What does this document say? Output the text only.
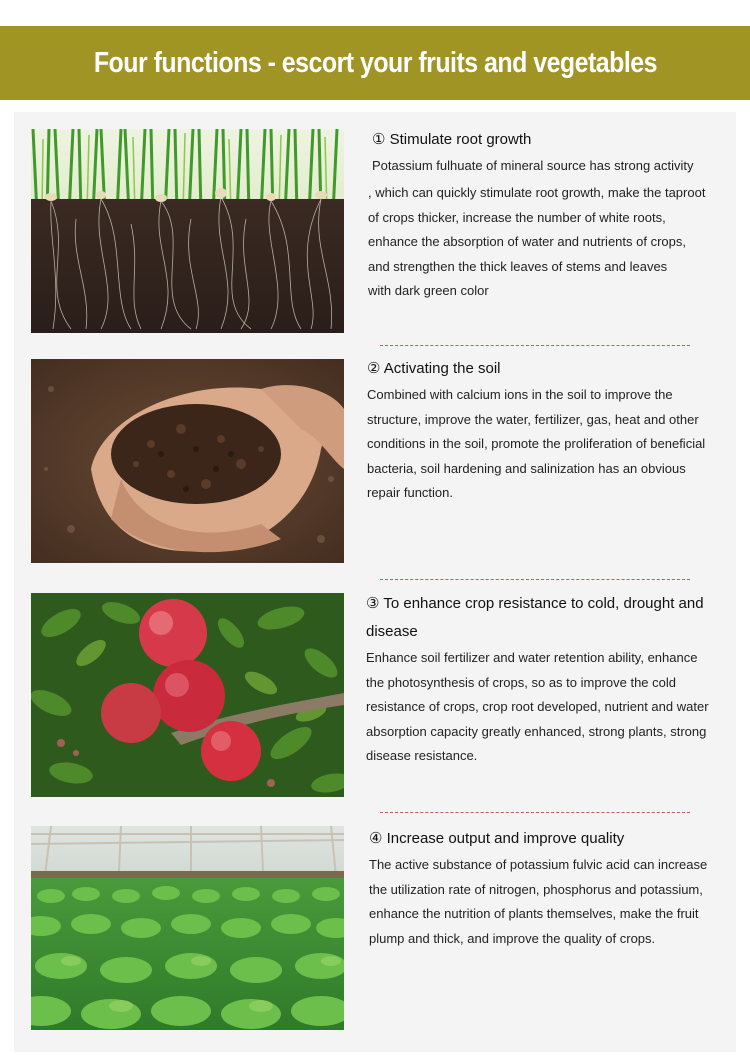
Four functions - escort your fruits and vegetables

① Stimulate root growth

Potassium fulhuate of mineral source has strong activity

, which can quickly stimulate root growth, make the taproot

of crops thicker, increase the number of white roots,

enhance the absorption of water and nutrients of crops,

and strengthen the thick leaves of stems and leaves

with dark green color

② Activating the soil

Combined with calcium ions in the soil to improve the

structure, improve the water, fertilizer, gas, heat and other

conditions in the soil, promote the proliferation of beneficial

bacteria, soil hardening and salinization has an obvious

repair function.

③ To enhance crop resistance to cold, drought and

disease

Enhance soil fertilizer and water retention ability, enhance

the photosynthesis of crops, so as to improve the cold

resistance of crops, crop root developed, nutrient and water

absorption capacity greatly enhanced, strong plants, strong

disease resistance.

④ Increase output and improve quality

The active substance of potassium fulvic acid can increase

the utilization rate of nitrogen, phosphorus and potassium,

enhance the nutrition of plants themselves, make the fruit

plump and thick, and improve the quality of crops.
